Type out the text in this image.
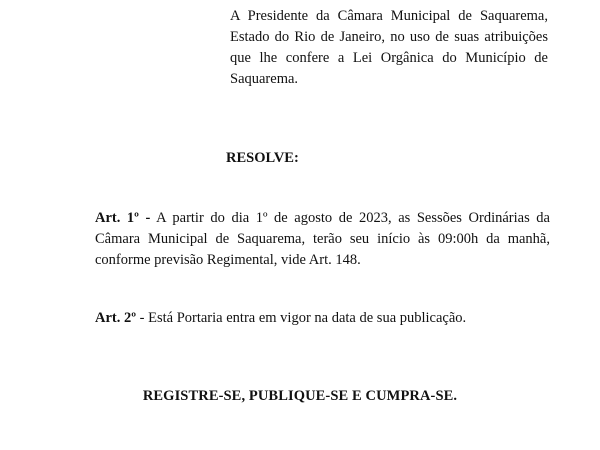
A Presidente da Câmara Municipal de Saquarema, Estado do Rio de Janeiro, no uso de suas atribuições que lhe confere a Lei Orgânica do Município de Saquarema.

RESOLVE:

Art. 1º - A partir do dia 1º de agosto de 2023, as Sessões Ordinárias da Câmara Municipal de Saquarema, terão seu início às 09:00h da manhã, conforme previsão Regimental, vide Art. 148.

Art. 2º - Está Portaria entra em vigor na data de sua publicação.

REGISTRE-SE, PUBLIQUE-SE E CUMPRA-SE.
